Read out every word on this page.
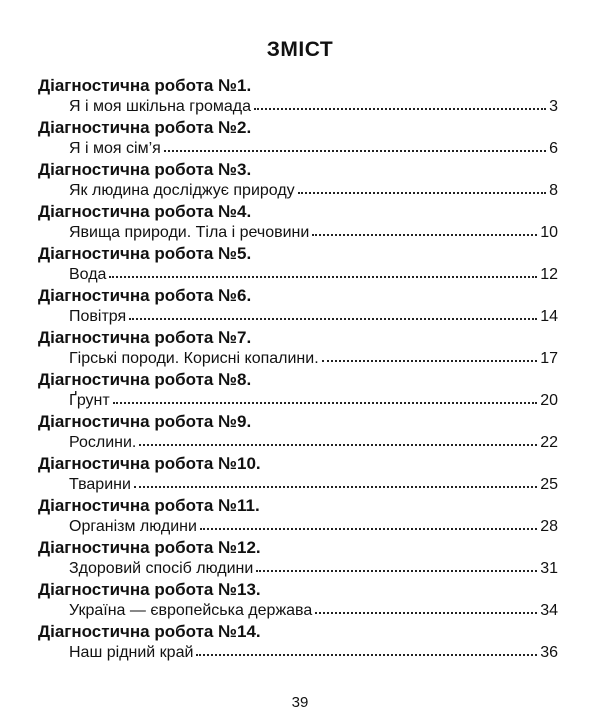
ЗМІСТ
Діагностична робота №1.
Я і моя шкільна громада	3
Діагностична робота №2.
Я і моя сім’я	6
Діагностична робота №3.
Як людина досліджує природу	8
Діагностична робота №4.
Явища природи. Тіла і речовини	10
Діагностична робота №5.
Вода	12
Діагностична робота №6.
Повітря	14
Діагностична робота №7.
Гірські породи. Корисні копалини.	17
Діагностична робота №8.
Ґрунт	20
Діагностична робота №9.
Рослини.	22
Діагностична робота №10.
Тварини	25
Діагностична робота №11.
Організм людини	28
Діагностична робота №12.
Здоровий спосіб людини	31
Діагностична робота №13.
Україна — європейська держава	34
Діагностична робота №14.
Наш рідний край	36
39
